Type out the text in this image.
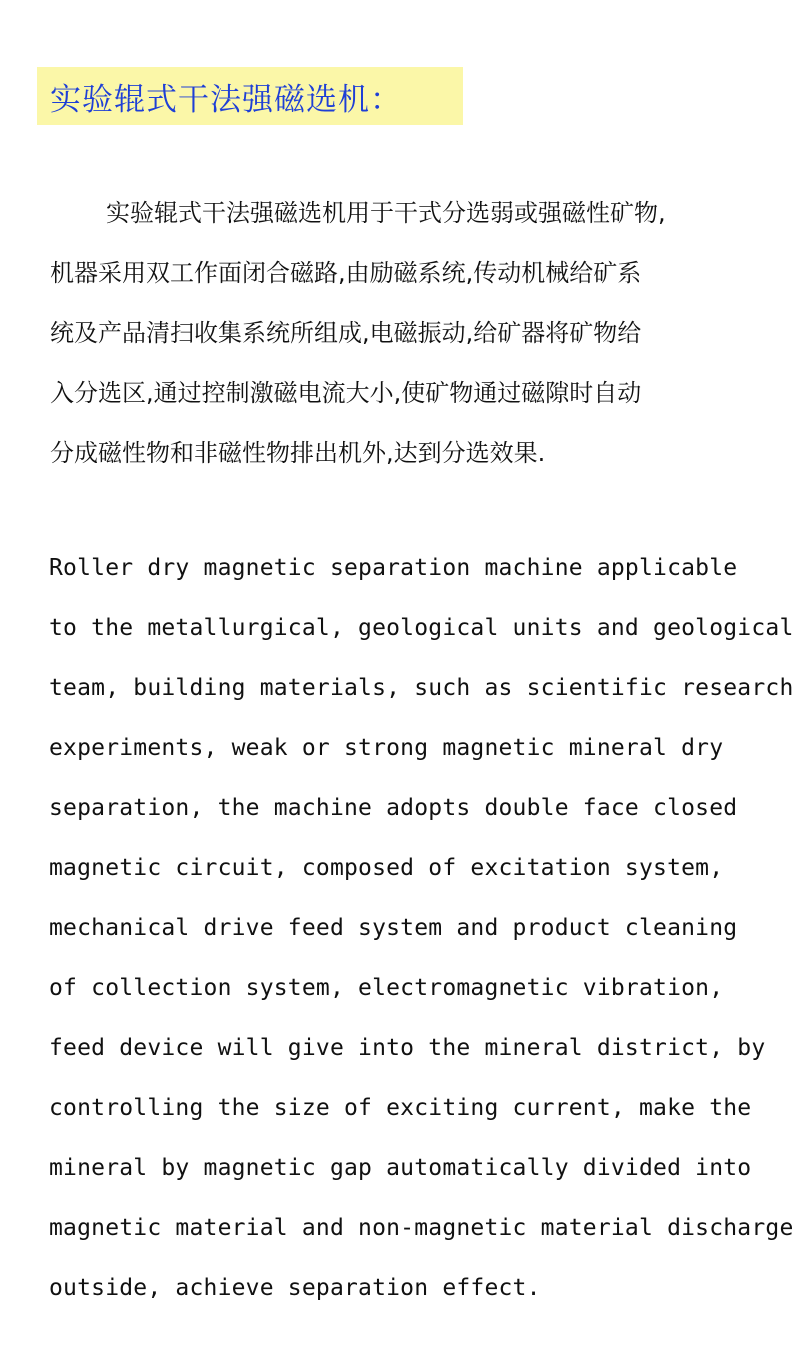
实验辊式干法强磁选机：
实验辊式干法强磁选机用于干式分选弱或强磁性矿物,
机器采用双工作面闭合磁路,由励磁系统,传动机械给矿系
统及产品清扫收集系统所组成,电磁振动,给矿器将矿物给
入分选区,通过控制激磁电流大小,使矿物通过磁隙时自动
分成磁性物和非磁性物排出机外,达到分选效果.
Roller dry magnetic separation machine applicable
to the metallurgical, geological units and geological
team, building materials, such as scientific research
experiments, weak or strong magnetic mineral dry
separation, the machine adopts double face closed
magnetic circuit, composed of excitation system,
mechanical drive feed system and product cleaning
of collection system, electromagnetic vibration,
feed device will give into the mineral district, by
controlling the size of exciting current, make the
mineral by magnetic gap automatically divided into
magnetic material and non-magnetic material discharge
outside, achieve separation effect.
